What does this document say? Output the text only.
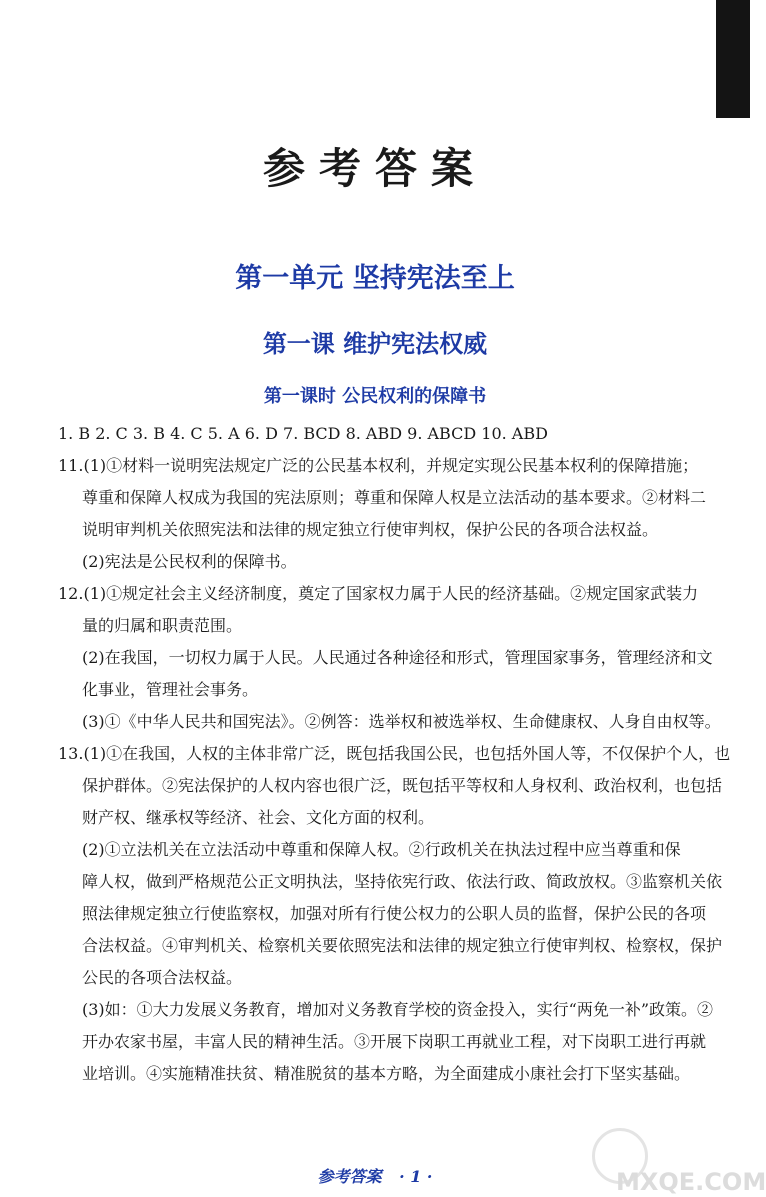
参考答案
第一单元 坚持宪法至上
第一课 维护宪法权威
第一课时 公民权利的保障书
1. B 2. C 3. B 4. C 5. A 6. D 7. BCD 8. ABD 9. ABCD 10. ABD
11.(1)①材料一说明宪法规定广泛的公民基本权利，并规定实现公民基本权利的保障措施；
尊重和保障人权成为我国的宪法原则；尊重和保障人权是立法活动的基本要求。②材料二
说明审判机关依照宪法和法律的规定独立行使审判权，保护公民的各项合法权益。
(2)宪法是公民权利的保障书。
12.(1)①规定社会主义经济制度，奠定了国家权力属于人民的经济基础。②规定国家武装力
量的归属和职责范围。
(2)在我国，一切权力属于人民。人民通过各种途径和形式，管理国家事务，管理经济和文
化事业，管理社会事务。
(3)①《中华人民共和国宪法》。②例答：选举权和被选举权、生命健康权、人身自由权等。
13.(1)①在我国，人权的主体非常广泛，既包括我国公民，也包括外国人等，不仅保护个人，也
保护群体。②宪法保护的人权内容也很广泛，既包括平等权和人身权利、政治权利，也包括
财产权、继承权等经济、社会、文化方面的权利。
(2)①立法机关在立法活动中尊重和保障人权。②行政机关在执法过程中应当尊重和保
障人权，做到严格规范公正文明执法，坚持依宪行政、依法行政、简政放权。③监察机关依
照法律规定独立行使监察权，加强对所有行使公权力的公职人员的监督，保护公民的各项
合法权益。④审判机关、检察机关要依照宪法和法律的规定独立行使审判权、检察权，保护
公民的各项合法权益。
(3)如：①大力发展义务教育，增加对义务教育学校的资金投入，实行“两免一补”政策。②
开办农家书屋，丰富人民的精神生活。③开展下岗职工再就业工程，对下岗职工进行再就
业培训。④实施精准扶贫、精准脱贫的基本方略，为全面建成小康社会打下坚实基础。
参考答案 · 1 ·	MXQE.COM
